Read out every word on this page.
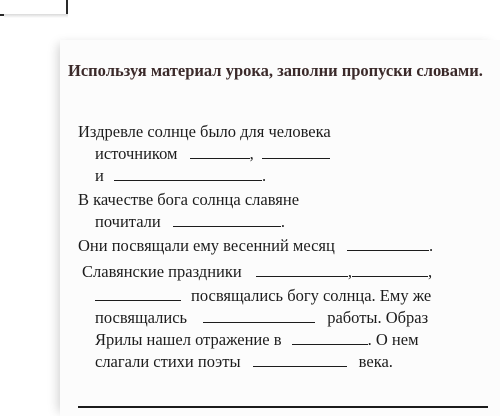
Используя материал урока, заполни пропуски словами.
Издревле солнце было для человека
источником	,
и	.
В качестве бога солнца славяне
почитали	.
Они посвящали ему весенний месяц	.
Славянские праздники	,	,
посвящались богу солнца. Ему же
посвящались	работы. Образ
Ярилы нашел отражение в	. О нем
слагали стихи поэты	века.
